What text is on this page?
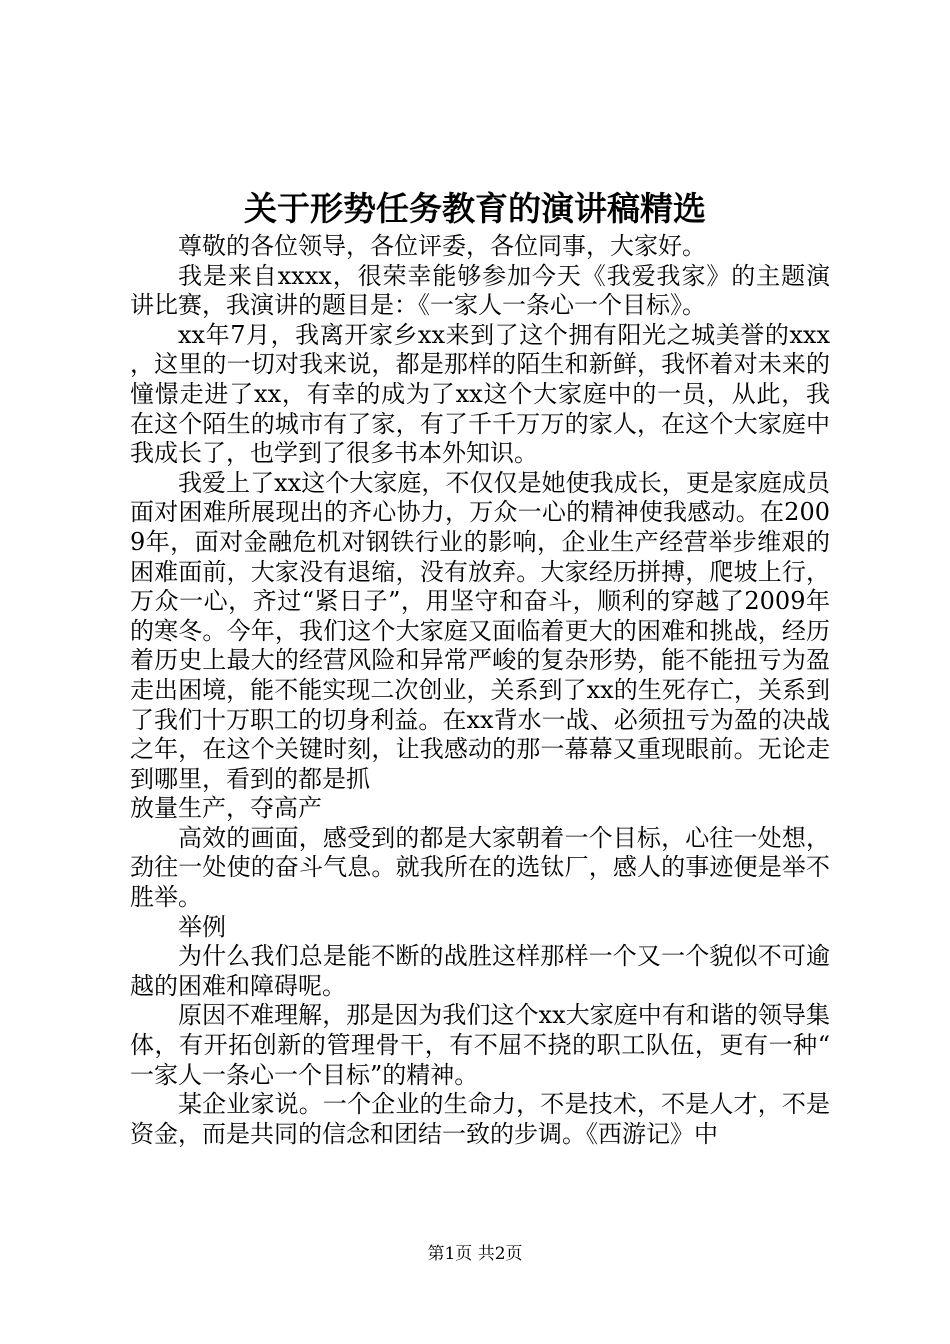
关于形势任务教育的演讲稿精选

尊敬的各位领导，各位评委，各位同事，大家好。

我是来自xxxx，很荣幸能够参加今天《我爱我家》的主题演讲比赛，我演讲的题目是：《一家人一条心一个目标》。

xx年7月，我离开家乡xx来到了这个拥有阳光之城美誉的xxx，这里的一切对我来说，都是那样的陌生和新鲜，我怀着对未来的憧憬走进了xx，有幸的成为了xx这个大家庭中的一员，从此，我在这个陌生的城市有了家，有了千千万万的家人，在这个大家庭中我成长了，也学到了很多书本外知识。

我爱上了xx这个大家庭，不仅仅是她使我成长，更是家庭成员面对困难所展现出的齐心协力，万众一心的精神使我感动。在2009年，面对金融危机对钢铁行业的影响，企业生产经营举步维艰的困难面前，大家没有退缩，没有放弃。大家经历拼搏，爬坡上行，万众一心，齐过“紧日子”，用坚守和奋斗，顺利的穿越了2009年的寒冬。今年，我们这个大家庭又面临着更大的困难和挑战，经历着历史上最大的经营风险和异常严峻的复杂形势，能不能扭亏为盈走出困境，能不能实现二次创业，关系到了xx的生死存亡，关系到了我们十万职工的切身利益。在xx背水一战、必须扭亏为盈的决战之年，在这个关键时刻，让我感动的那一幕幕又重现眼前。无论走到哪里，看到的都是抓

放量生产，夺高产

高效的画面，感受到的都是大家朝着一个目标，心往一处想，劲往一处使的奋斗气息。就我所在的选钛厂，感人的事迹便是举不胜举。

举例

为什么我们总是能不断的战胜这样那样一个又一个貌似不可逾越的困难和障碍呢。

原因不难理解，那是因为我们这个xx大家庭中有和谐的领导集体，有开拓创新的管理骨干，有不屈不挠的职工队伍，更有一种“一家人一条心一个目标”的精神。

某企业家说。一个企业的生命力，不是技术，不是人才，不是资金，而是共同的信念和团结一致的步调。《西游记》中

第1页 共2页
